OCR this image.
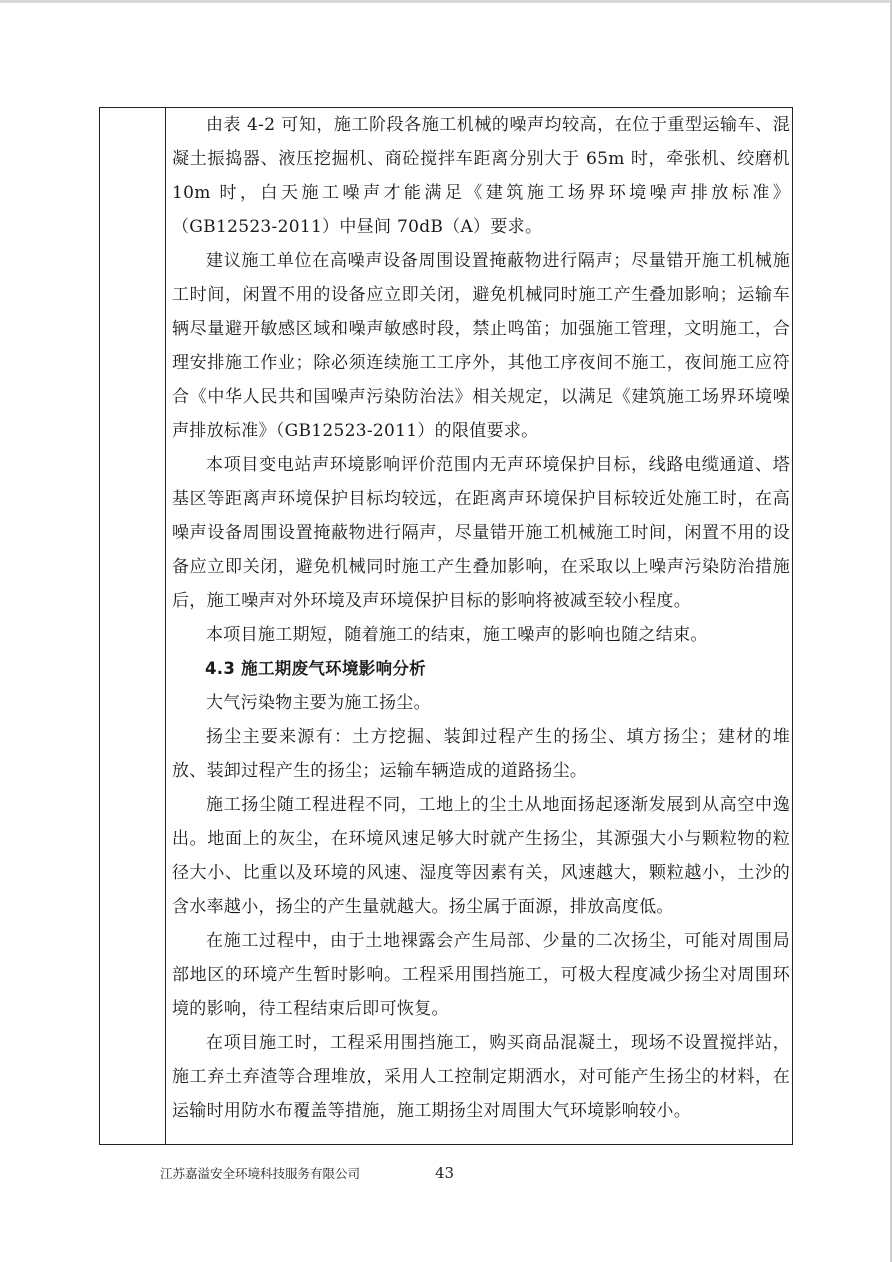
由表 4-2 可知，施工阶段各施工机械的噪声均较高，在位于重型运输车、混凝土振捣器、液压挖掘机、商砼搅拌车距离分别大于 65m 时，牵张机、绞磨机 10m 时，白天施工噪声才能满足《建筑施工场界环境噪声排放标准》（GB12523-2011）中昼间 70dB（A）要求。

建议施工单位在高噪声设备周围设置掩蔽物进行隔声；尽量错开施工机械施工时间，闲置不用的设备应立即关闭，避免机械同时施工产生叠加影响；运输车辆尽量避开敏感区域和噪声敏感时段，禁止鸣笛；加强施工管理，文明施工，合理安排施工作业；除必须连续施工工序外，其他工序夜间不施工，夜间施工应符合《中华人民共和国噪声污染防治法》相关规定，以满足《建筑施工场界环境噪声排放标准》（GB12523-2011）的限值要求。

本项目变电站声环境影响评价范围内无声环境保护目标，线路电缆通道、塔基区等距离声环境保护目标均较远，在距离声环境保护目标较近处施工时，在高噪声设备周围设置掩蔽物进行隔声，尽量错开施工机械施工时间，闲置不用的设备应立即关闭，避免机械同时施工产生叠加影响，在采取以上噪声污染防治措施后，施工噪声对外环境及声环境保护目标的影响将被减至较小程度。

本项目施工期短，随着施工的结束，施工噪声的影响也随之结束。

4.3 施工期废气环境影响分析

大气污染物主要为施工扬尘。

扬尘主要来源有：土方挖掘、装卸过程产生的扬尘、填方扬尘；建材的堆放、装卸过程产生的扬尘；运输车辆造成的道路扬尘。

施工扬尘随工程进程不同，工地上的尘土从地面扬起逐渐发展到从高空中逸出。地面上的灰尘，在环境风速足够大时就产生扬尘，其源强大小与颗粒物的粒径大小、比重以及环境的风速、湿度等因素有关，风速越大，颗粒越小，土沙的含水率越小，扬尘的产生量就越大。扬尘属于面源，排放高度低。

在施工过程中，由于土地裸露会产生局部、少量的二次扬尘，可能对周围局部地区的环境产生暂时影响。工程采用围挡施工，可极大程度减少扬尘对周围环境的影响，待工程结束后即可恢复。

在项目施工时，工程采用围挡施工，购买商品混凝土，现场不设置搅拌站，施工弃土弃渣等合理堆放，采用人工控制定期洒水，对可能产生扬尘的材料，在运输时用防水布覆盖等措施，施工期扬尘对周围大气环境影响较小。

江苏嘉溢安全环境科技服务有限公司	43
